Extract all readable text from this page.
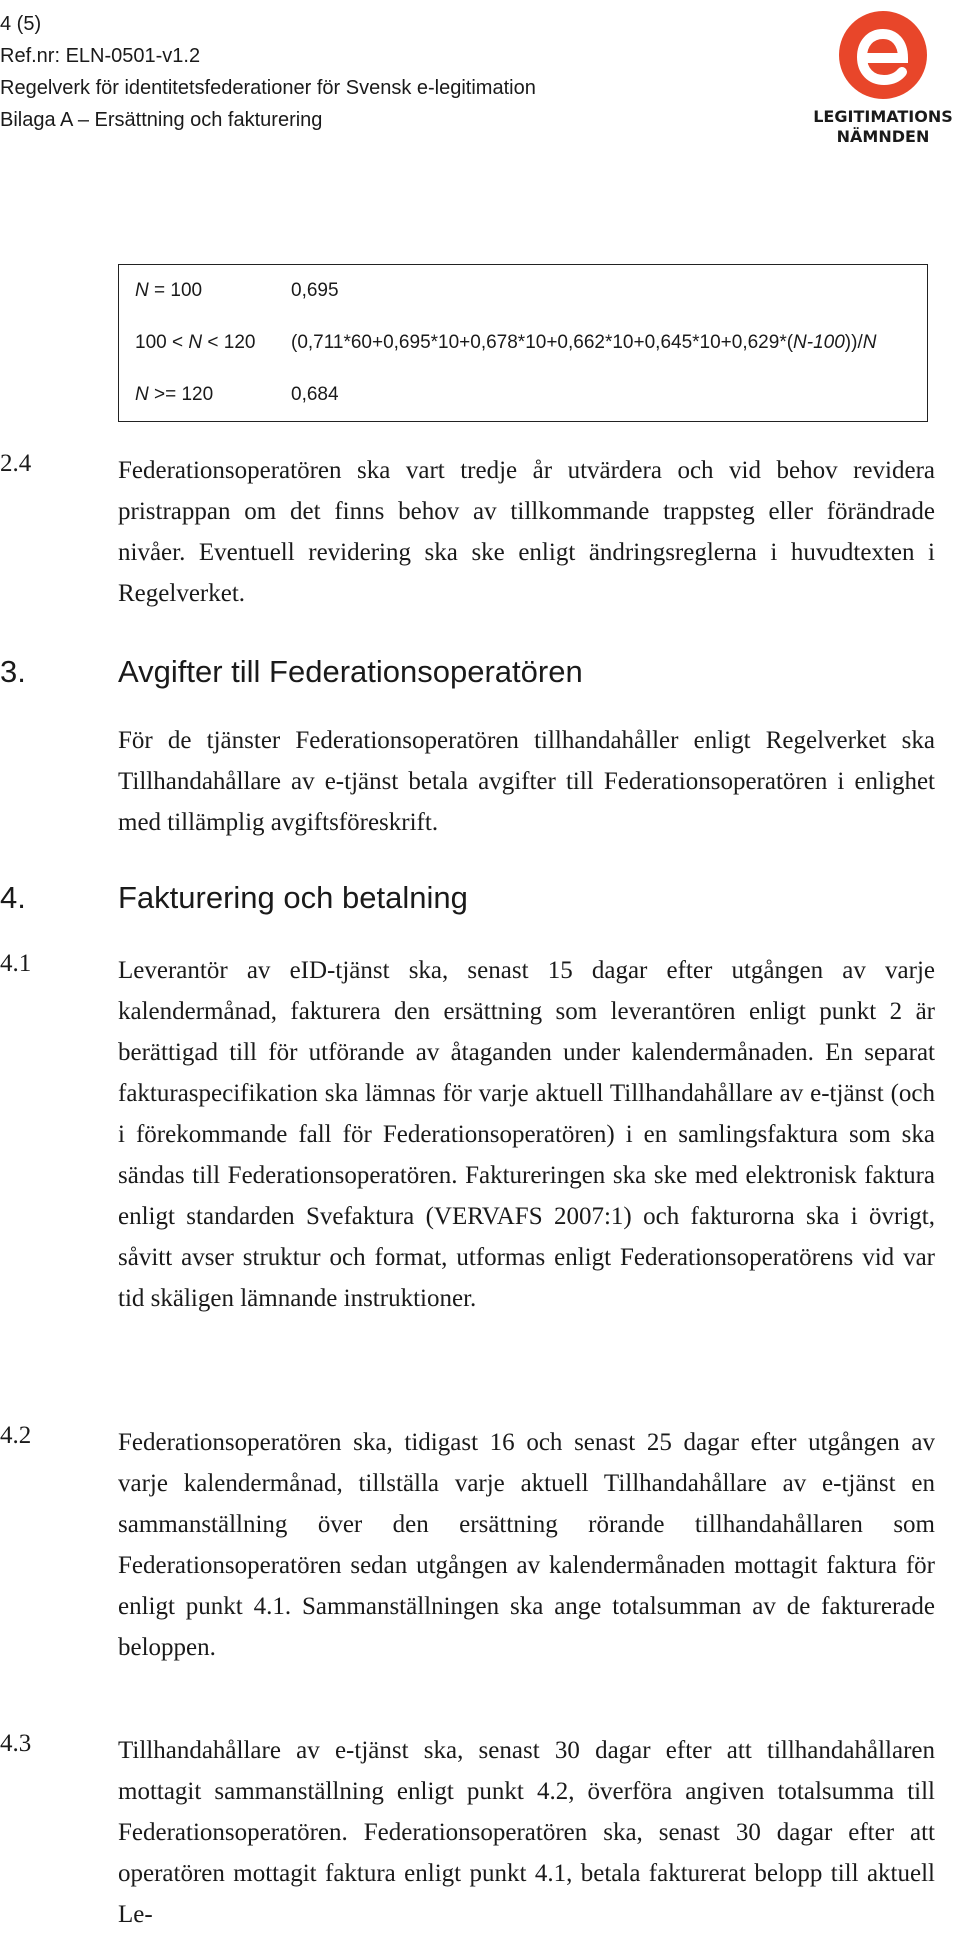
4 (5)
Ref.nr: ELN-0501-v1.2
Regelverk för identitetsfederationer för Svensk e-legitimation
Bilaga A – Ersättning och fakturering	LEGITIMATIONS
NÄMNDEN
N = 100	0,695
100 < N < 120	(0,711*60+0,695*10+0,678*10+0,662*10+0,645*10+0,629*(N-100))/N
N >= 120	0,684
2.4	Federationsoperatören ska vart tredje år utvärdera och vid behov revidera pristrappan om det finns behov av tillkommande trappsteg eller förändrade nivåer. Eventuell revidering ska ske enligt ändringsreglerna i huvudtexten i Regelverket.
3.	Avgifter till Federationsoperatören
För de tjänster Federationsoperatören tillhandahåller enligt Regelverket ska Tillhandahållare av e-tjänst betala avgifter till Federationsoperatören i enlighet med tillämplig avgiftsföreskrift.
4.	Fakturering och betalning
4.1	Leverantör av eID-tjänst ska, senast 15 dagar efter utgången av varje kalendermånad, fakturera den ersättning som leverantören enligt punkt 2 är berättigad till för utförande av åtaganden under kalendermånaden. En separat fakturaspecifikation ska lämnas för varje aktuell Tillhandahållare av e-tjänst (och i förekommande fall för Federationsoperatören) i en samlingsfaktura som ska sändas till Federationsoperatören. Faktureringen ska ske med elektronisk faktura enligt standarden Svefaktura (VERVAFS 2007:1) och fakturorna ska i övrigt, såvitt avser struktur och format, utformas enligt Federationsoperatörens vid var tid skäligen lämnande instruktioner.
4.2	Federationsoperatören ska, tidigast 16 och senast 25 dagar efter utgången av varje kalendermånad, tillställa varje aktuell Tillhandahållare av e-tjänst en sammanställning över den ersättning rörande tillhandahållaren som Federationsoperatören sedan utgången av kalendermånaden mottagit faktura för enligt punkt 4.1. Sammanställningen ska ange totalsumman av de fakturerade beloppen.
4.3	Tillhandahållare av e-tjänst ska, senast 30 dagar efter att tillhandahållaren mottagit sammanställning enligt punkt 4.2, överföra angiven totalsumma till Federationsoperatören. Federationsoperatören ska, senast 30 dagar efter att operatören mottagit faktura enligt punkt 4.1, betala fakturerat belopp till aktuell Le-
